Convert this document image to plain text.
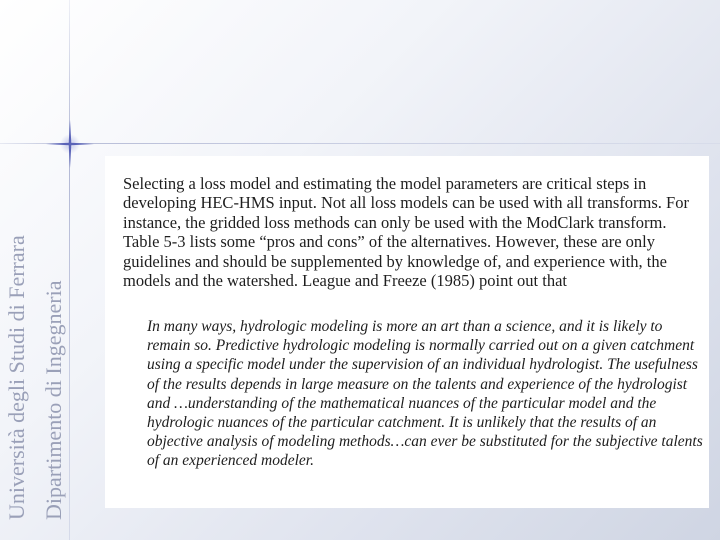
Università degli Studi di Ferrara Dipartimento di Ingegneria

Selecting a loss model and estimating the model parameters are critical steps in developing HEC-HMS input. Not all loss models can be used with all transforms. For instance, the gridded loss methods can only be used with the ModClark transform. Table 5-3 lists some “pros and cons” of the alternatives. However, these are only guidelines and should be supplemented by knowledge of, and experience with, the models and the watershed. League and Freeze (1985) point out that

In many ways, hydrologic modeling is more an art than a science, and it is likely to remain so. Predictive hydrologic modeling is normally carried out on a given catchment using a specific model under the supervision of an individual hydrologist. The usefulness of the results depends in large measure on the talents and experience of the hydrologist and …understanding of the mathematical nuances of the particular model and the hydrologic nuances of the particular catchment. It is unlikely that the results of an objective analysis of modeling methods…can ever be substituted for the subjective talents of an experienced modeler.
